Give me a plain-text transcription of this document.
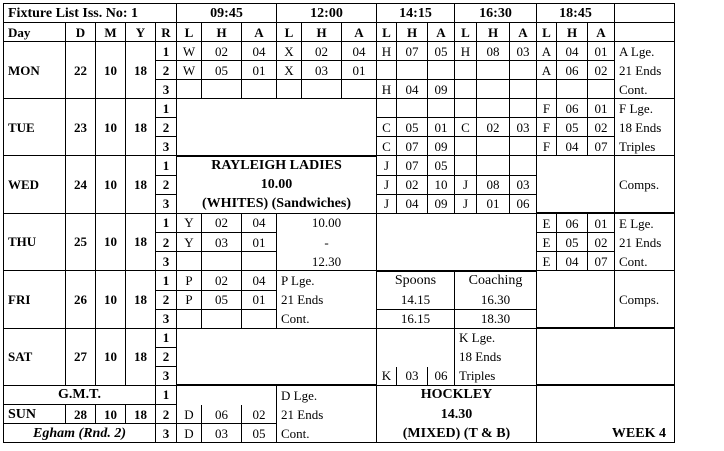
Fixture List Iss. No: 1					09:45			12:00			14:15			16:30			18:45			
Day	D	M	Y	R	L	H	A	L	H	A	L	H	A	L	H	A	L	H	A	
MON	22	10	18	1	W	02	04	X	02	04	H	07	05	H	08	03	A	04	01	A Lge.
				2	W	05	01	X	03	01							A	06	02	21 Ends
				3							H	04	09							Cont.
TUE	23	10	18	1													F	06	01	F Lge.
				2							C	05	01	C	02	03	F	05	02	18 Ends
				3							C	07	09				F	04	07	Triples
WED	24	10	18	1	RAYLEIGH LADIES						J	07	05							Comps.
				2	10.00						J	02	10	J	08	03				
				3	(WHITES) (Sandwiches)						J	04	09	J	01	06				
THU	25	10	18	1	Y	02	04	10.00									E	06	01	E Lge.
				2	Y	03	01	-									E	05	02	21 Ends
				3				12.30									E	04	07	Cont.
FRI	26	10	18	1	P	02	04	P Lge.			Spoons			Coaching						Comps.
				2	P	05	01	21 Ends			14.15			16.30						
				3				Cont.			16.15			18.30						
SAT	27	10	18	1										K Lge.						
				2										18 Ends						
				3							K	03	06	Triples						
G.M.T.				1				D Lge.			HOCKLEY									
SUN	28	10	18	2	D	06	02	21 Ends			14.30									
Egham (Rnd. 2)				3	D	03	05	Cont.			(MIXED) (T & B)						WEEK 4			
